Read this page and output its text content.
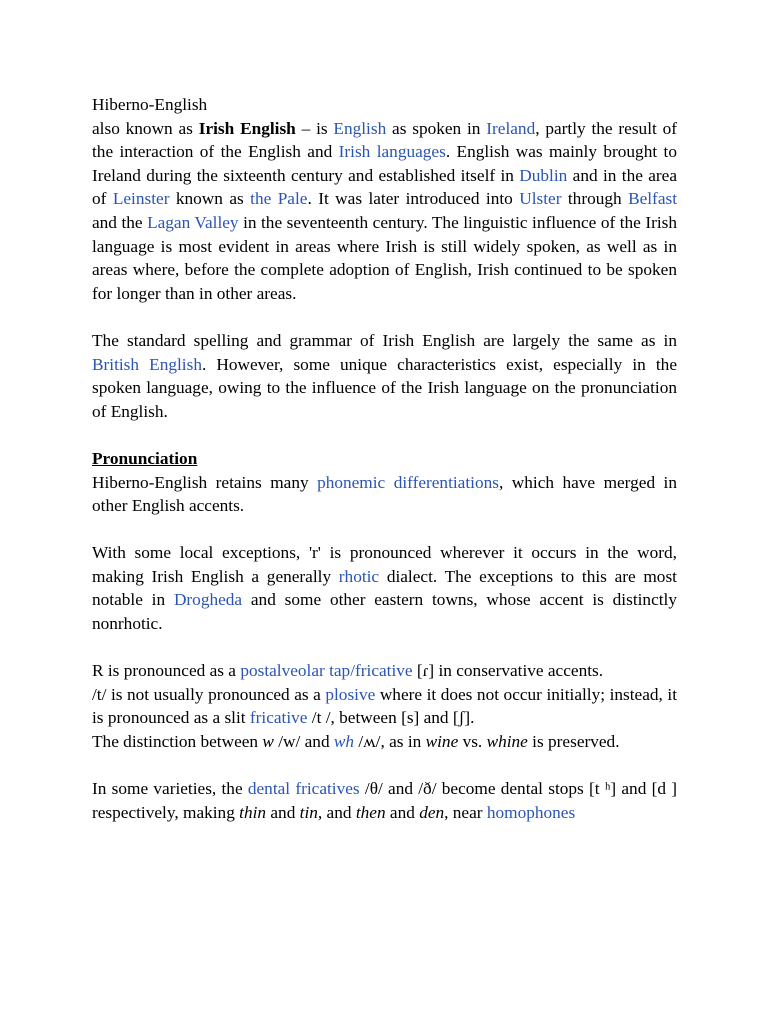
Hiberno-English

also known as Irish English – is English as spoken in Ireland, partly the result of the interaction of the English and Irish languages. English was mainly brought to Ireland during the sixteenth century and established itself in Dublin and in the area of Leinster known as the Pale. It was later introduced into Ulster through Belfast and the Lagan Valley in the seventeenth century. The linguistic influence of the Irish language is most evident in areas where Irish is still widely spoken, as well as in areas where, before the complete adoption of English, Irish continued to be spoken for longer than in other areas.

The standard spelling and grammar of Irish English are largely the same as in British English. However, some unique characteristics exist, especially in the spoken language, owing to the influence of the Irish language on the pronunciation of English.

Pronunciation

Hiberno-English retains many phonemic differentiations, which have merged in other English accents.

With some local exceptions, 'r' is pronounced wherever it occurs in the word, making Irish English a generally rhotic dialect. The exceptions to this are most notable in Drogheda and some other eastern towns, whose accent is distinctly nonrhotic.

R is pronounced as a postalveolar tap/fricative [ɾ] in conservative accents.

/t/ is not usually pronounced as a plosive where it does not occur initially; instead, it is pronounced as a slit fricative /t /, between [s] and [ʃ].

The distinction between w /w/ and wh /ʍ/, as in wine vs. whine is preserved.

In some varieties, the dental fricatives /θ/ and /ð/ become dental stops [t ʰ] and [d ] respectively, making thin and tin, and then and den, near homophones
